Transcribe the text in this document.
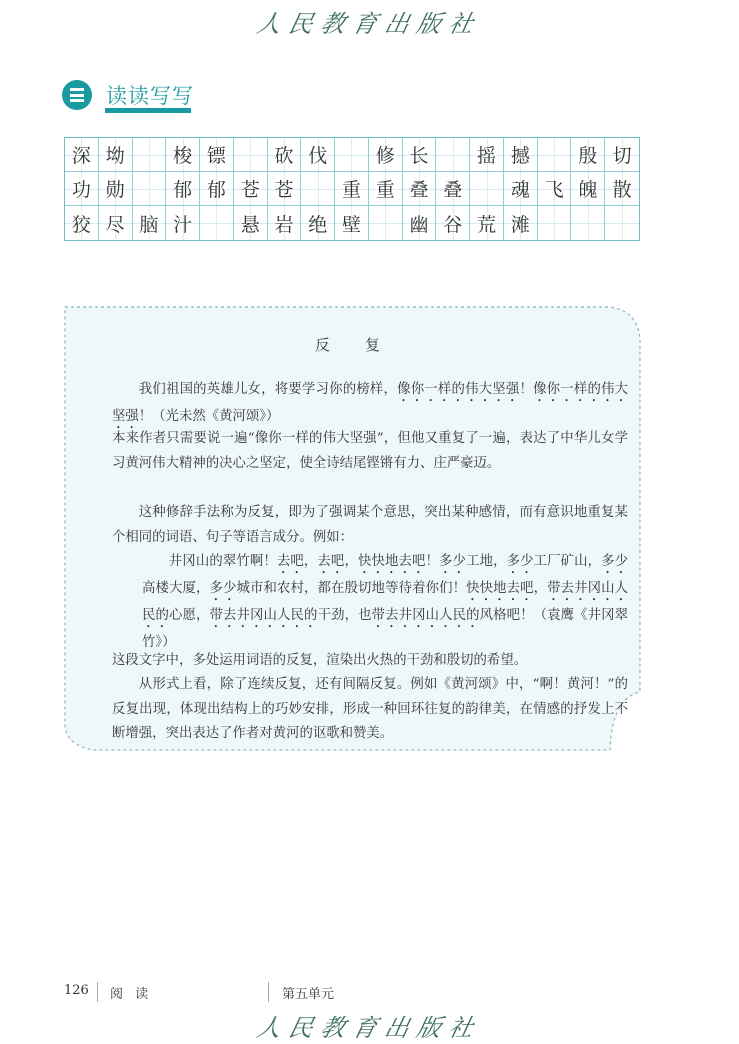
人民教育出版社
读读写写
深 坳	梭 镖	砍 伐	修 长	摇 撼	殷 切
功 勋	郁 郁 苍 苍	重 重 叠 叠	魂 飞 魄 散
狡 尽 脑 汁	悬 岩 绝 壁	幽 谷 荒 滩
反　复
我们祖国的英雄儿女，将要学习你的榜样，像你一样的伟大坚强！像你一样的伟大坚强！（光未然《黄河颂》）
本来作者只需要说一遍“像你一样的伟大坚强”，但他又重复了一遍，表达了中华儿女学习黄河伟大精神的决心之坚定，使全诗结尾铿锵有力、庄严豪迈。
这种修辞手法称为反复，即为了强调某个意思，突出某种感情，而有意识地重复某个相同的词语、句子等语言成分。例如：
井冈山的翠竹啊！去吧，去吧，快快地去吧！多少工地，多少工厂矿山，多少高楼大厦，多少城市和农村，都在殷切地等待着你们！快快地去吧，带去井冈山人民的心愿，带去井冈山人民的干劲，也带去井冈山人民的风格吧！（袁鹰《井冈翠竹》）
这段文字中，多处运用词语的反复，渲染出火热的干劲和殷切的希望。
从形式上看，除了连续反复，还有间隔反复。例如《黄河颂》中，“啊！黄河！”的反复出现，体现出结构上的巧妙安排，形成一种回环往复的韵律美，在情感的抒发上不断增强，突出表达了作者对黄河的讴歌和赞美。
126 阅 读	第五单元
人民教育出版社
